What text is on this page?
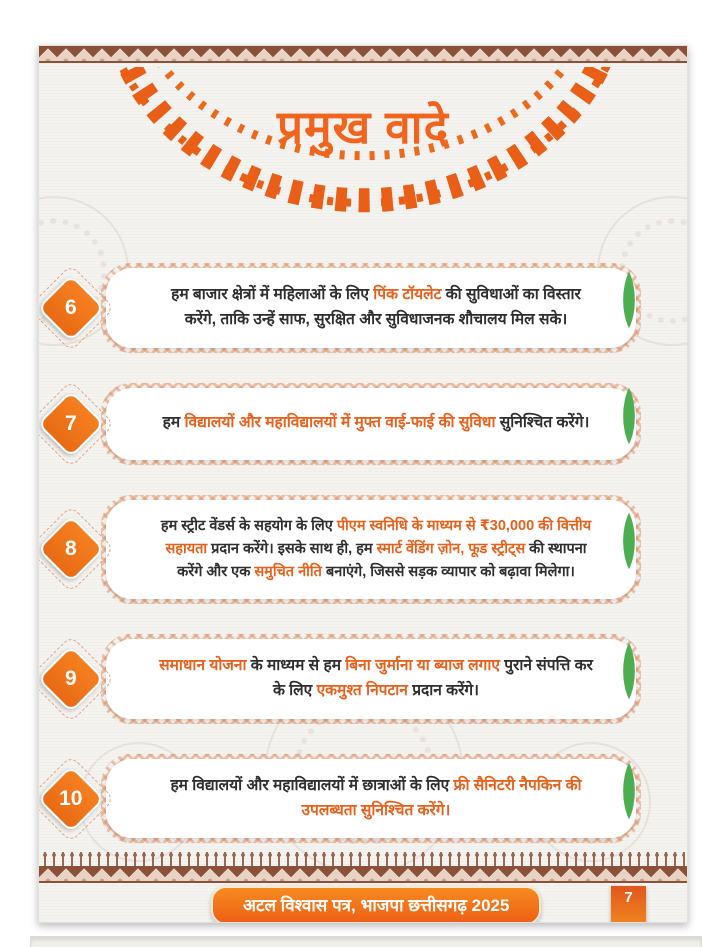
प्रमुख वादे

हम बाजार क्षेत्रों में महिलाओं के लिए पिंक टॉयलेट की सुविधाओं का विस्तार करेंगे, ताकि उन्हें साफ, सुरक्षित और सुविधाजनक शौचालय मिल सके।

6

हम विद्यालयों और महाविद्यालयों में मुफ्त वाई-फाई की सुविधा सुनिश्चित करेंगे।

7

हम स्ट्रीट वेंडर्स के सहयोग के लिए पीएम स्वनिधि के माध्यम से ₹30,000 की वित्तीय सहायता प्रदान करेंगे। इसके साथ ही, हम स्मार्ट वेंडिंग ज़ोन, फूड स्ट्रीट्स की स्थापना करेंगे और एक समुचित नीति बनाएंगे, जिससे सड़क व्यापार को बढ़ावा मिलेगा।

8

समाधान योजना के माध्यम से हम बिना जुर्माना या ब्याज लगाए पुराने संपत्ति कर के लिए एकमुश्त निपटान प्रदान करेंगे।

9

हम विद्यालयों और महाविद्यालयों में छात्राओं के लिए फ्री सैनिटरी नैपकिन की उपलब्धता सुनिश्चित करेंगे।

10
अटल विश्वास पत्र, भाजपा छत्तीसगढ़ 2025	7
